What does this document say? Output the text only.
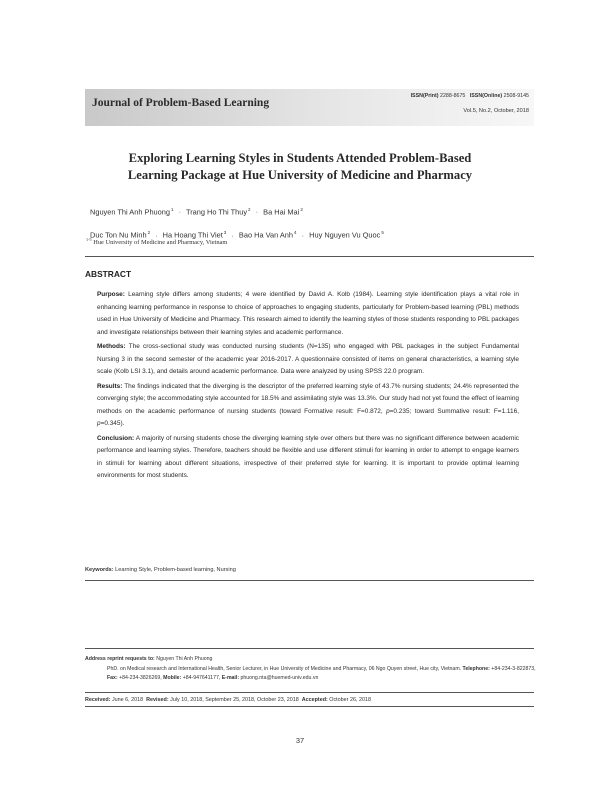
Journal of Problem-Based Learning
ISSN(Print) 2288-8675 ISSN(Online) 2508-9145
Vol.5, No.2, October, 2018
Exploring Learning Styles in Students Attended Problem-Based
Learning Package at Hue University of Medicine and Pharmacy
Nguyen Thi Anh Phuong$^1$ · Trang Ho Thi Thuy$^2$ · Ba Hai Mai$^2$
Duc Ton Nu Minh$^2$ · Ha Hoang Thi Viet$^3$ · Bao Ha Van Anh$^4$ · Huy Nguyen Vu Quoc$^5$
$^{1-5}$ Hue University of Medicine and Pharmacy, Vietnam
ABSTRACT

Purpose: Learning style differs among students; 4 were identified by David A. Kolb (1984). Learning style identification plays a vital role in enhancing learning performance in response to choice of approaches to engaging students, particularly for Problem-based learning (PBL) methods used in Hue University of Medicine and Pharmacy. This research aimed to identify the learning styles of those students responding to PBL packages and investigate relationships between their learning styles and academic performance.

Methods: The cross-sectional study was conducted nursing students (N=135) who engaged with PBL packages in the subject Fundamental Nursing 3 in the second semester of the academic year 2016-2017. A questionnaire consisted of items on general characteristics, a learning style scale (Kolb LSI 3.1), and details around academic performance. Data were analyzed by using SPSS 22.0 program.

Results: The findings indicated that the diverging is the descriptor of the preferred learning style of 43.7% nursing students; 24.4% represented the converging style; the accommodating style accounted for 18.5% and assimilating style was 13.3%. Our study had not yet found the effect of learning methods on the academic performance of nursing students (toward Formative result: F=0.872, p=0.235; toward Summative result: F=1.116, p=0.345).

Conclusion: A majority of nursing students chose the diverging learning style over others but there was no significant difference between academic performance and learning styles. Therefore, teachers should be flexible and use different stimuli for learning in order to attempt to engage learners in stimuli for learning about different situations, irrespective of their preferred style for learning. It is important to provide optimal learning environments for most students.

Keywords: Learning Style, Problem-based learning, Nursing
Address reprint requests to: Nguyen Thi Anh Phuong
PhD. on Medical research and International Health, Senior Lecturer, in Hue University of Medicine and Pharmacy, 06 Ngo Quyen street, Hue city, Vietnam. Telephone: +84-234-3-822873, Fax: +84-234-3826269, Mobile: +84-947641177, E-mail: phuong.nta@huemed-univ.edu.vn
Received: June 6, 2018 Revised: July 10, 2018, September 25, 2018, October 23, 2018 Accepted: October 26, 2018
37
